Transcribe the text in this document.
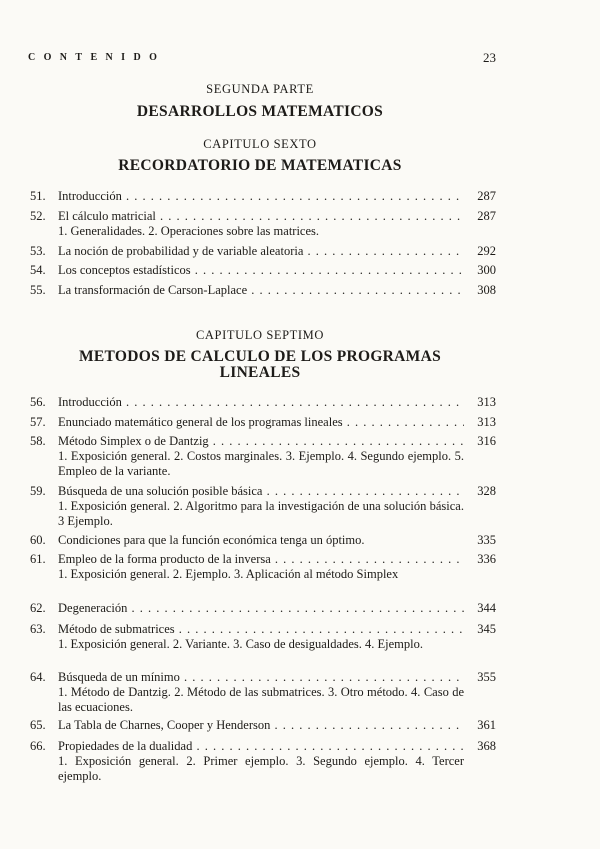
CONTENIDO	23
SEGUNDA PARTE
DESARROLLOS MATEMATICOS
CAPITULO SEXTO
RECORDATORIO DE MATEMATICAS
51. Introducción . . .	287
52. El cálculo matricial . . .	287
1. Generalidades. 2. Operaciones sobre las matrices.
53. La noción de probabilidad y de variable aleatoria . . .	292
54. Los conceptos estadísticos . . .	300
55. La transformación de Carson-Laplace . . .	308
CAPITULO SEPTIMO
METODOS DE CALCULO DE LOS PROGRAMAS
LINEALES
56. Introducción . . .	313
57. Enunciado matemático general de los programas lineales . . .	313
58. Método Simplex o de Dantzig . . .	316
1. Exposición general. 2. Costos marginales. 3. Ejemplo. 4. Segundo ejemplo. 5. Empleo de la variante.
59. Búsqueda de una solución posible básica . . .	328
1. Exposición general. 2. Algoritmo para la investigación de una solución básica. 3 Ejemplo.
60. Condiciones para que la función económica tenga un óptimo.	335
61. Empleo de la forma producto de la inversa . . .	336
1. Exposición general. 2. Ejemplo. 3. Aplicación al método Simplex
62. Degeneración . . .	344
63. Método de submatrices . . .	345
1. Exposición general. 2. Variante. 3. Caso de desigualdades. 4. Ejemplo.
64. Búsqueda de un mínimo . . .	355
1. Método de Dantzig. 2. Método de las submatrices. 3. Otro método. 4. Caso de las ecuaciones.
65. La Tabla de Charnes, Cooper y Henderson . . .	361
66. Propiedades de la dualidad . . .	368
1. Exposición general. 2. Primer ejemplo. 3. Segundo ejemplo. 4. Tercer ejemplo.
